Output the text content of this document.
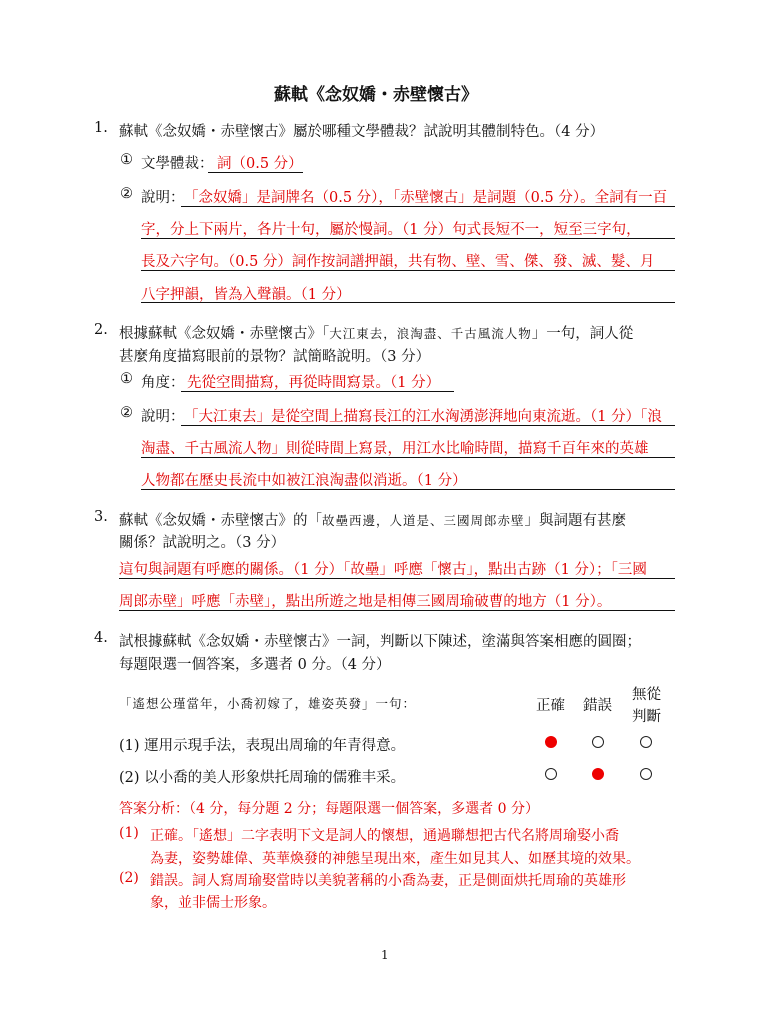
蘇軾《念奴嬌・赤壁懷古》
1. 蘇軾《念奴嬌・赤壁懷古》屬於哪種文學體裁？試說明其體制特色。（4 分）
① 文學體裁： 詞（0.5 分）
② 說明： 「念奴嬌」是詞牌名（0.5 分），「赤壁懷古」是詞題（0.5 分）。全詞有一百
字，分上下兩片，各片十句，屬於慢詞。（1 分）句式長短不一，短至三字句，
長及六字句。（0.5 分）詞作按詞譜押韻，共有物、壁、雪、傑、發、滅、髮、月
八字押韻，皆為入聲韻。（1 分）
2. 根據蘇軾《念奴嬌・赤壁懷古》「大江東去，浪淘盡、千古風流人物」一句，詞人從
甚麼角度描寫眼前的景物？試簡略說明。（3 分）
① 角度： 先從空間描寫，再從時間寫景。（1 分）
② 說明： 「大江東去」是從空間上描寫長江的江水洶湧澎湃地向東流逝。（1 分）「浪
淘盡、千古風流人物」則從時間上寫景，用江水比喻時間，描寫千百年來的英雄
人物都在歷史長流中如被江浪淘盡似消逝。（1 分）
3. 蘇軾《念奴嬌・赤壁懷古》的「故壘西邊，人道是、三國周郎赤壁」與詞題有甚麼
關係？試說明之。（3 分）
這句與詞題有呼應的關係。（1 分）「故壘」呼應「懷古」，點出古跡（1 分）；「三國
周郎赤壁」呼應「赤壁」，點出所遊之地是相傳三國周瑜破曹的地方（1 分）。
4. 試根據蘇軾《念奴嬌・赤壁懷古》一詞，判斷以下陳述，塗滿與答案相應的圓圈；
每題限選一個答案，多選者 0 分。（4 分）
「遙想公瑾當年，小喬初嫁了，雄姿英發」一句：	正確 錯誤
無從
判斷
(1) 運用示現手法，表現出周瑜的年青得意。
(2) 以小喬的美人形象烘托周瑜的儒雅丰采。
答案分析：（4 分，每分題 2 分；每題限選一個答案，多選者 0 分）
(1) 正確。「遙想」二字表明下文是詞人的懷想，通過聯想把古代名將周瑜娶小喬
為妻，姿勢雄偉、英華煥發的神態呈現出來，產生如見其人、如歷其境的效果。
(2) 錯誤。詞人寫周瑜娶當時以美貌著稱的小喬為妻，正是側面烘托周瑜的英雄形
象，並非儒士形象。
1
